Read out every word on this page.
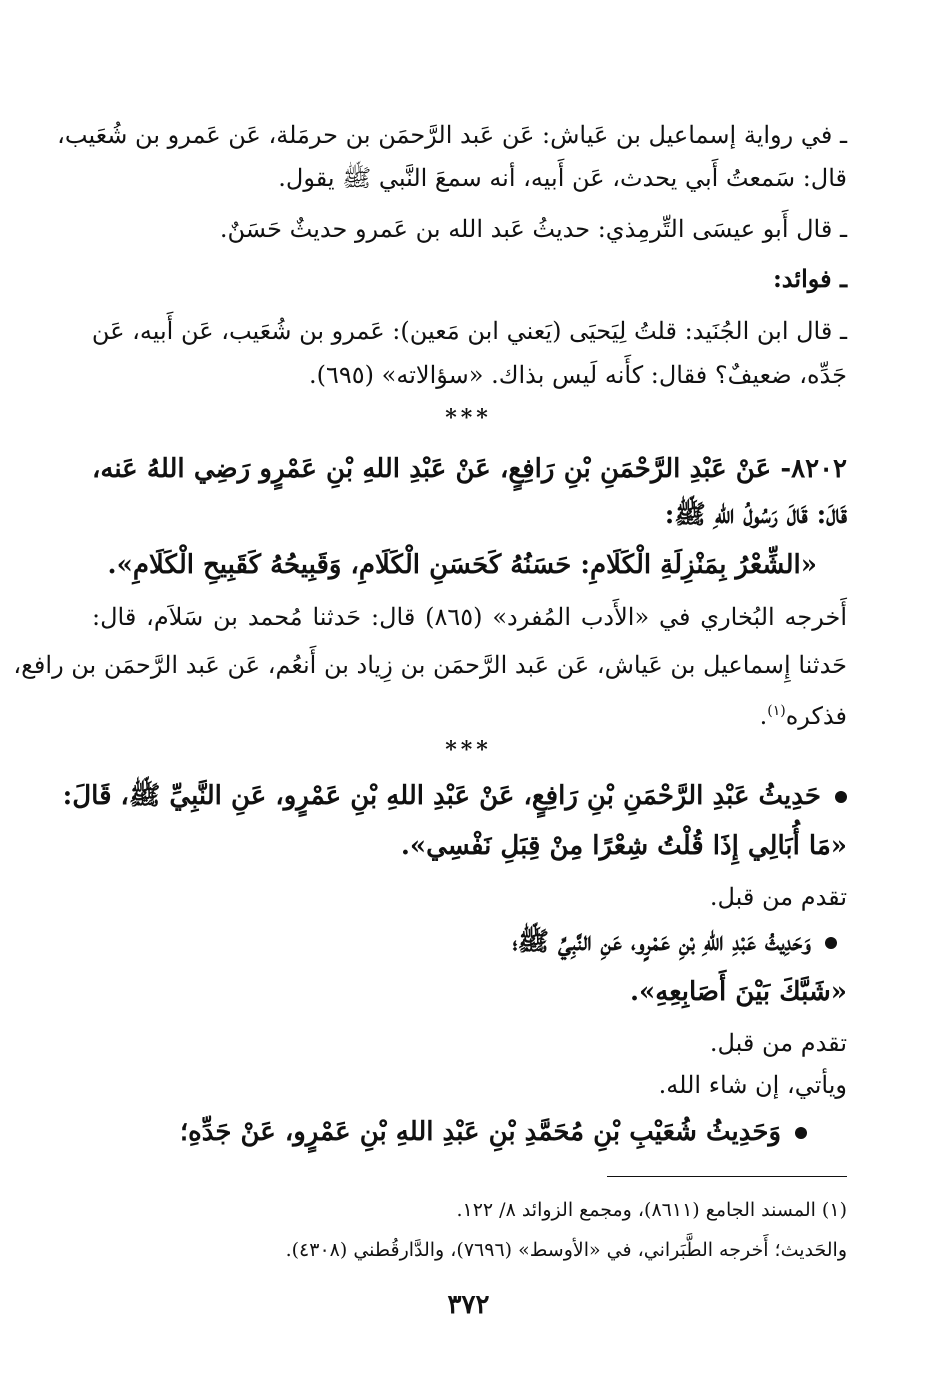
ـ في رواية إسماعيل بن عَياش: عَن عَبد الرَّحمَن بن حرمَلة، عَن عَمرو بن شُعَيب،
قال: سَمعتُ أَبي يحدث، عَن أَبيه، أنه سمعَ النَّبي ﷺ يقول.
ـ قال أَبو عيسَى التِّرمِذي: حديثُ عَبد الله بن عَمرو حديثٌ حَسَنٌ.
ـ فوائد:
ـ قال ابن الجُنَيد: قلتُ لِيَحيَى (يَعني ابن مَعين): عَمرو بن شُعَيب، عَن أَبيه، عَن
جَدِّه، ضعيفٌ؟ فقال: كأَنه لَيس بذاك. «سؤالاته» (٦٩٥).
***
٨٢٠٢- عَنْ عَبْدِ الرَّحْمَنِ بْنِ رَافِعٍ، عَنْ عَبْدِ اللهِ بْنِ عَمْرٍو رَضِي اللهُ عَنه،
قَالَ: قَالَ رَسُولُ اللهِ ﷺ:
«الشِّعْرُ بِمَنْزِلَةِ الْكَلَامِ: حَسَنُهُ كَحَسَنِ الْكَلَامِ، وَقَبِيحُهُ كَقَبِيحِ الْكَلَامِ».
أَخرجه البُخاري في «الأَدب المُفرد» (٨٦٥) قال: حَدثنا مُحمد بن سَلاَم، قال:
حَدثنا إِسماعيل بن عَياش، عَن عَبد الرَّحمَن بن زِياد بن أَنعُم، عَن عَبد الرَّحمَن بن رافع،
فذكره$^{(١)}$.
***
حَدِيثُ عَبْدِ الرَّحْمَنِ بْنِ رَافِعٍ، عَنْ عَبْدِ اللهِ بْنِ عَمْرٍو، عَنِ النَّبِيِّ ﷺ، قَالَ:
«مَا أُبَالِي إِذَا قُلْتُ شِعْرًا مِنْ قِبَلِ نَفْسِي».
تقدم من قبل.
وَحَدِيثُ عَبْدِ اللهِ بْنِ عَمْرٍو، عَنِ النَّبِيِّ ﷺ؛
«شَبَّكَ بَيْنَ أَصَابِعِهِ».
تقدم من قبل.
ويأتي، إن شاء الله.
وَحَدِيثُ شُعَيْبِ بْنِ مُحَمَّدِ بْنِ عَبْدِ اللهِ بْنِ عَمْرٍو، عَنْ جَدِّهِ؛
(١) المسند الجامع (٨٦١١)، ومجمع الزوائد ٨/ ١٢٢.
والحَديث؛ أَخرجه الطَّبَراني، في «الأوسط» (٧٦٩٦)، والدَّارقُطني (٤٣٠٨).
٣٧٢
